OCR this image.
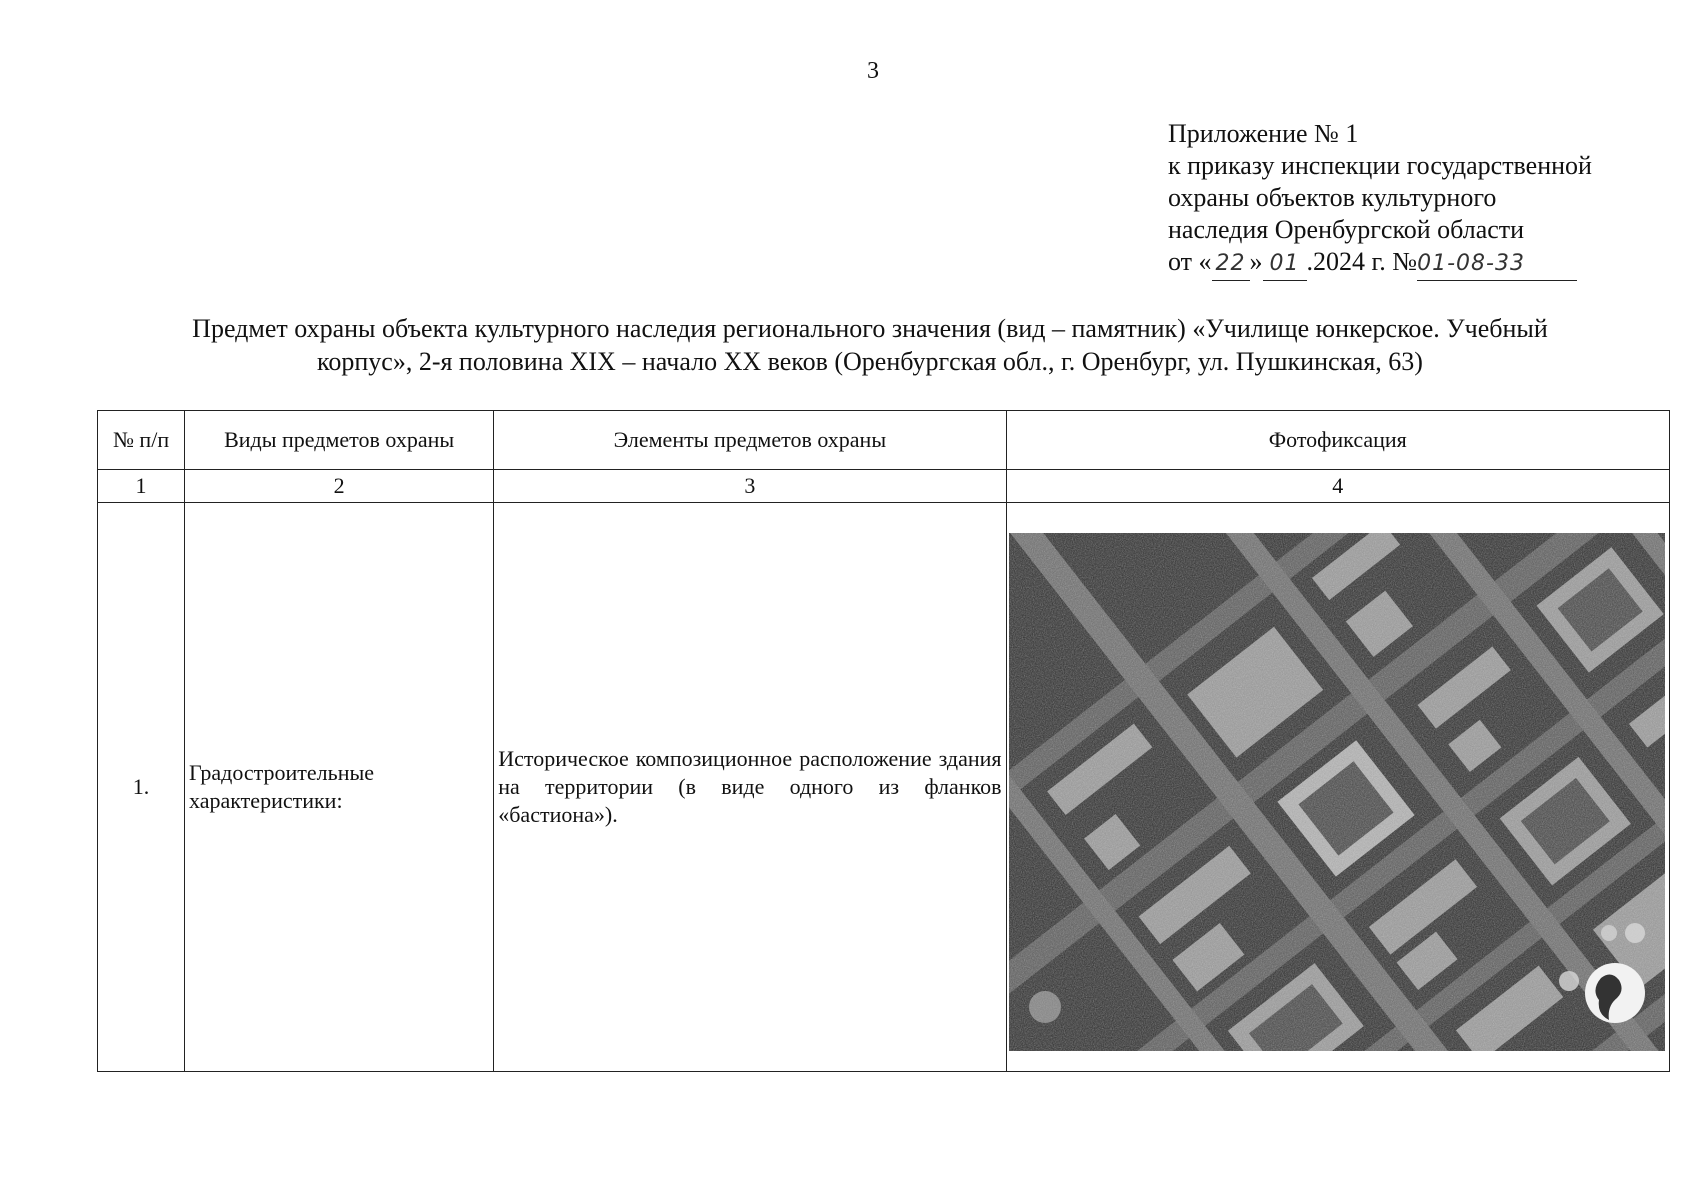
3
Приложение № 1
к приказу инспекции государственной
охраны объектов культурного
наследия Оренбургской области
от « 22 » 01 .2024 г. №01-08-33
Предмет охраны объекта культурного наследия регионального значения (вид – памятник) «Училище юнкерское. Учебный
корпус», 2-я половина XIX – начало XX веков (Оренбургская обл., г. Оренбург, ул. Пушкинская, 63)
№ п/п	Виды предметов охраны	Элементы предметов охраны	Фотофиксация
1	2	3	4
1.	Градостроительные характеристики:	Историческое композиционное расположение здания на территории (в виде одного из фланков «бастиона»).	
